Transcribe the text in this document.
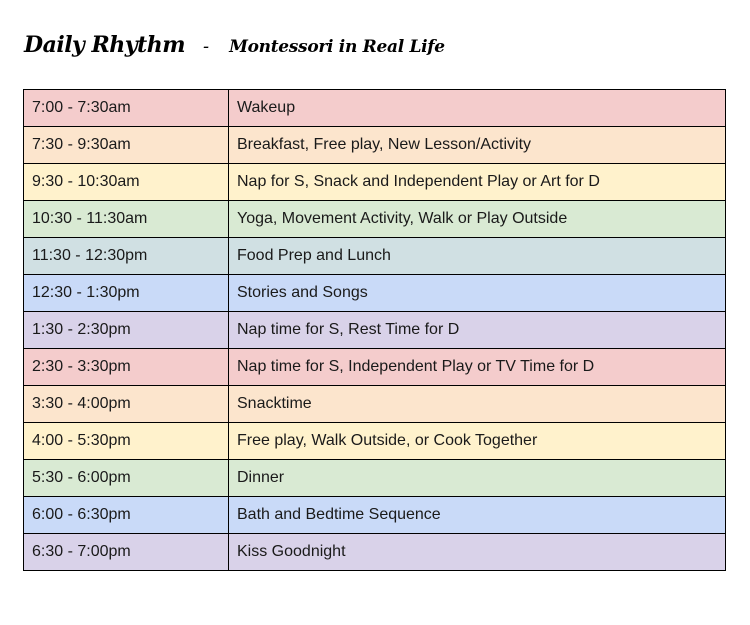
Daily Rhythm - Montessori in Real Life
7:00 - 7:30am	Wakeup
7:30 - 9:30am	Breakfast, Free play, New Lesson/Activity
9:30 - 10:30am	Nap for S, Snack and Independent Play or Art for D
10:30 - 11:30am	Yoga, Movement Activity, Walk or Play Outside
11:30 - 12:30pm	Food Prep and Lunch
12:30 - 1:30pm	Stories and Songs
1:30 - 2:30pm	Nap time for S, Rest Time for D
2:30 - 3:30pm	Nap time for S, Independent Play or TV Time for D
3:30 - 4:00pm	Snacktime
4:00 - 5:30pm	Free play, Walk Outside, or Cook Together
5:30 - 6:00pm	Dinner
6:00 - 6:30pm	Bath and Bedtime Sequence
6:30 - 7:00pm	Kiss Goodnight
